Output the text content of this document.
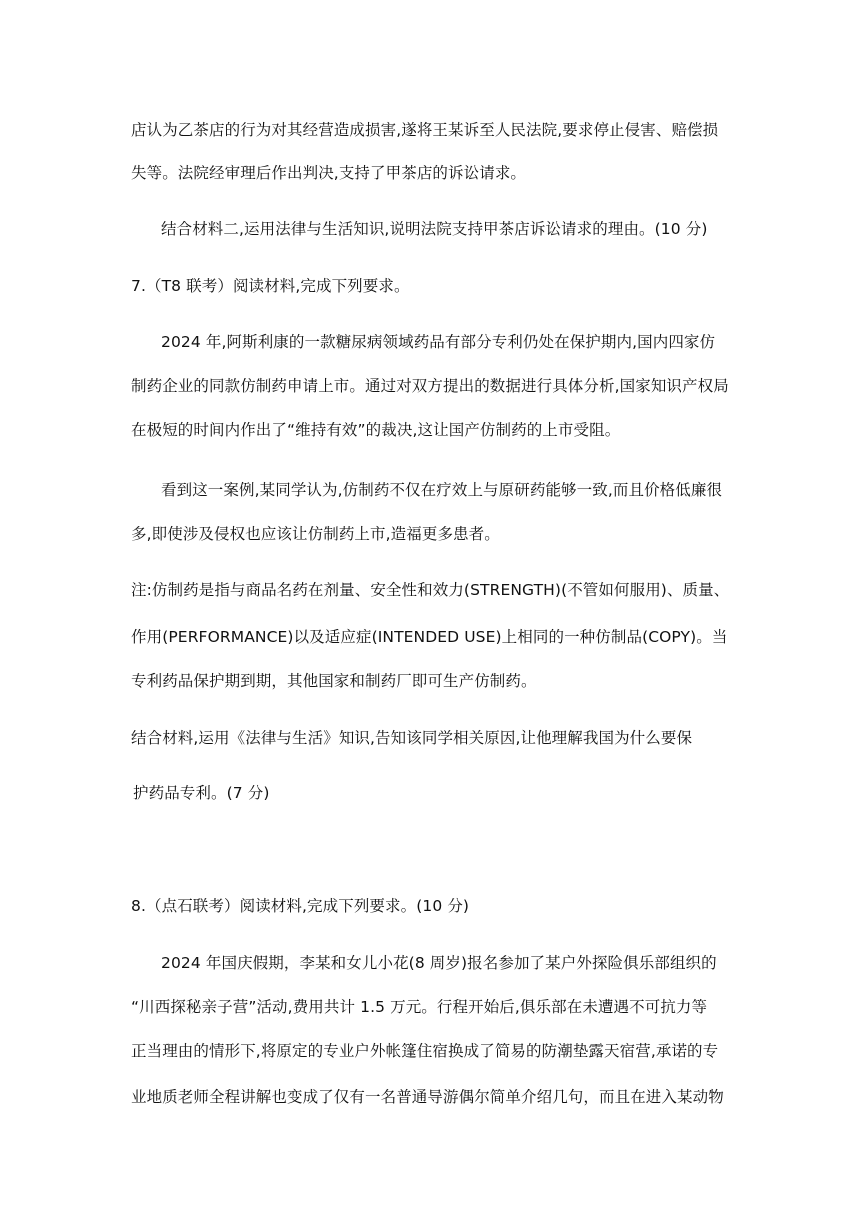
店认为乙茶店的行为对其经营造成损害,遂将王某诉至人民法院,要求停止侵害、赔偿损
失等。法院经审理后作出判决,支持了甲茶店的诉讼请求。
结合材料二,运用法律与生活知识,说明法院支持甲茶店诉讼请求的理由。(10 分)
7.（T8 联考）阅读材料,完成下列要求。
2024 年,阿斯利康的一款糖尿病领域药品有部分专利仍处在保护期内,国内四家仿
制药企业的同款仿制药申请上市。通过对双方提出的数据进行具体分析,国家知识产权局
在极短的时间内作出了“维持有效”的裁决,这让国产仿制药的上市受阻。
看到这一案例,某同学认为,仿制药不仅在疗效上与原研药能够一致,而且价格低廉很
多,即使涉及侵权也应该让仿制药上市,造福更多患者。
注:仿制药是指与商品名药在剂量、安全性和效力(STRENGTH)(不管如何服用)、质量、
作用(PERFORMANCE)以及适应症(INTENDED USE)上相同的一种仿制品(COPY)。当
专利药品保护期到期，其他国家和制药厂即可生产仿制药。
结合材料,运用《法律与生活》知识,告知该同学相关原因,让他理解我国为什么要保
护药品专利。(7 分)
8.（点石联考）阅读材料,完成下列要求。(10 分)
2024 年国庆假期，李某和女儿小花(8 周岁)报名参加了某户外探险俱乐部组织的
“川西探秘亲子营”活动,费用共计 1.5 万元。行程开始后,俱乐部在未遭遇不可抗力等
正当理由的情形下,将原定的专业户外帐篷住宿换成了简易的防潮垫露天宿营,承诺的专
业地质老师全程讲解也变成了仅有一名普通导游偶尔简单介绍几句，而且在进入某动物
